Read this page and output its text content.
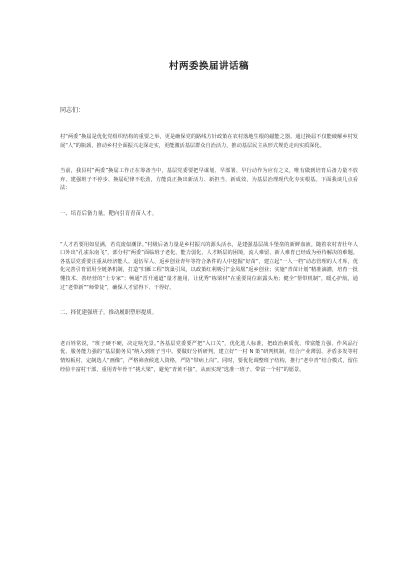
村两委换届讲话稿
同志们：
村“两委”换届是优化党组织结构的重要之举，更是确保党的路线方针政策在农村落地生根的磁能之器。通过换届不仅能破解乡村发展“人”的瓶颈，推动乡村全面振兴走深走实，更能激活基层群众自治活力，推动基层民主从形式规范走向实质深化。
当前，我县村“两委”换届工作正在筹备当中，基层党委要把早谋划、早部署、早行动作为应有之义，唯有做到培育后备力量不放弃、建强班子不停步、换届纪律不松劲，方能真正换出新活力、新担当、新成效，为基层治理现代化夯实根基。下面我谈几点看法：
一、培育后备力量，靶向引育青苗人才。
“人才若要用如星满，若荒废似潮泽。”村级后备力量是乡村振兴的源头活水，是建强基层战斗堡垒的新鲜血液。随着农村青壮年人口外出“孔雀东南飞”，部分村“两委”面临班子老化、能力弱化、人才断层的困境，流人难留、新人难育已经成为亟待解决的难题。各基层党委要注重从经济能人、退伍军人、返乡创业青年等符合条件的人中挖掘“好苗”，建立起“一人一档”动态管理的人才库，优化完善引育留用全链条机制，打造“归雁工程”筑巢引凤，以政策红利吸引“金凤凰”返乡创业；实施“青苗计划”精准滴灌，培育一批懂技术、善经营的“土专家”；畅通“晋升通道”量才施用，让优秀“栋梁材”在重要岗位崭露头角；健全“帮带机制”，暖心护航，通过“老带新”“师带徒”，确保人才留得下、干得好。
二、择优建强班子，推动履职塑形提质。
老百姓常说，“班子硬不硬，决定啥光景。”各基层党委要严把“入口关”，优化选人标准，把政治素质优、带富能力强、作风品行优、服务能力强的“基层勤务员”纳入到班子当中。要做好分析研判，建立好“一村 N 策”研判机制，结合产业薄弱、矛盾多发等村情短板村，定制选人“画像”，严格筛查候选人资格，严防“带病上岗”。同时，要优化调整班子结构，推行“老中青”结合模式，留住经验丰富村干部，重用青年骨干“挑大梁”，避免“青黄不接”，从而实现“选准一班子、带富一个村”的愿景。
